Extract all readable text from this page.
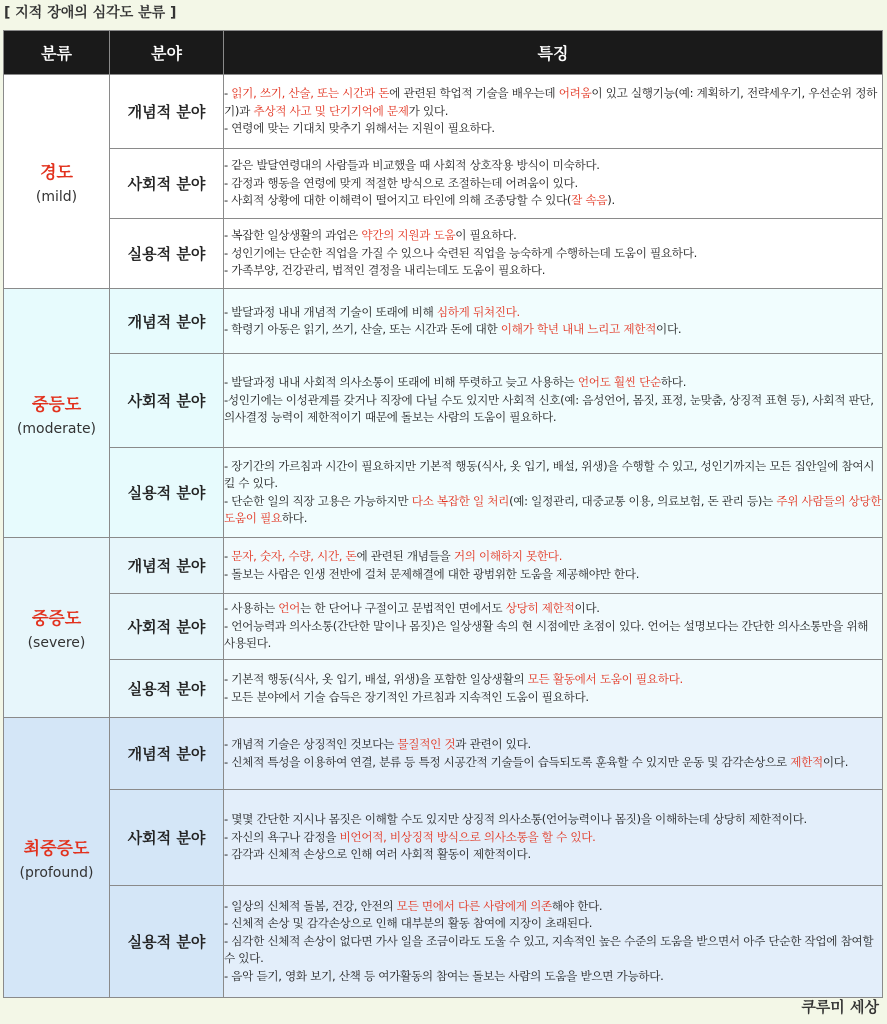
[ 지적 장애의 심각도 분류 ]
분류	분야	특징

경도
(mild)	개념적 분야	- 읽기, 쓰기, 산술, 또는 시간과 돈에 관련된 학업적 기술을 배우는데 어려움이 있고 실행기능(예: 계획하기, 전략세우기, 우선순위 정하기)과 추상적 사고 및 단기기억에 문제가 있다.
- 연령에 맞는 기대치 맞추기 위해서는 지원이 필요하다.

	사회적 분야	- 같은 발달연령대의 사람들과 비교했을 때 사회적 상호작용 방식이 미숙하다.
- 감정과 행동을 연령에 맞게 적절한 방식으로 조절하는데 어려움이 있다.
- 사회적 상황에 대한 이해력이 떨어지고 타인에 의해 조종당할 수 있다(잘 속음).

	실용적 분야	- 복잡한 일상생활의 과업은 약간의 지원과 도움이 필요하다.
- 성인기에는 단순한 직업을 가질 수 있으나 숙련된 직업을 능숙하게 수행하는데 도움이 필요하다.
- 가족부양, 건강관리, 법적인 결정을 내리는데도 도움이 필요하다.

중등도
(moderate)	개념적 분야	- 발달과정 내내 개념적 기술이 또래에 비해 심하게 뒤쳐진다.
- 학령기 아동은 읽기, 쓰기, 산술, 또는 시간과 돈에 대한 이해가 학년 내내 느리고 제한적이다.

	사회적 분야	- 발달과정 내내 사회적 의사소통이 또래에 비해 뚜렷하고 늦고 사용하는 언어도 훨씬 단순하다.
-성인기에는 이성관계를 갖거나 직장에 다닐 수도 있지만 사회적 신호(예: 음성언어, 몸짓, 표정, 눈맞춤, 상징적 표현 등), 사회적 판단, 의사결정 능력이 제한적이기 때문에 돌보는 사람의 도움이 필요하다.

	실용적 분야	- 장기간의 가르침과 시간이 필요하지만 기본적 행동(식사, 옷 입기, 배설, 위생)을 수행할 수 있고, 성인기까지는 모든 집안일에 참여시킬 수 있다.
- 단순한 일의 직장 고용은 가능하지만 다소 복잡한 일 처리(예: 일정관리, 대중교통 이용, 의료보험, 돈 관리 등)는 주위 사람들의 상당한 도움이 필요하다.

중증도
(severe)	개념적 분야	- 문자, 숫자, 수량, 시간, 돈에 관련된 개념들을 거의 이해하지 못한다.
- 돌보는 사람은 인생 전반에 걸쳐 문제해결에 대한 광범위한 도움을 제공해야만 한다.

	사회적 분야	- 사용하는 언어는 한 단어나 구절이고 문법적인 면에서도 상당히 제한적이다.
- 언어능력과 의사소통(간단한 말이나 몸짓)은 일상생활 속의 현 시점에만 초점이 있다. 언어는 설명보다는 간단한 의사소통만을 위해 사용된다.

	실용적 분야	- 기본적 행동(식사, 옷 입기, 배설, 위생)을 포함한 일상생활의 모든 활동에서 도움이 필요하다.
- 모든 분야에서 기술 습득은 장기적인 가르침과 지속적인 도움이 필요하다.

최중증도
(profound)	개념적 분야	- 개념적 기술은 상징적인 것보다는 물질적인 것과 관련이 있다.
- 신체적 특성을 이용하여 연결, 분류 등 특정 시공간적 기술들이 습득되도록 훈육할 수 있지만 운동 및 감각손상으로 제한적이다.

	사회적 분야	- 몇몇 간단한 지시나 몸짓은 이해할 수도 있지만 상징적 의사소통(언어능력이나 몸짓)을 이해하는데 상당히 제한적이다.
- 자신의 욕구나 감정을 비언어적, 비상징적 방식으로 의사소통을 할 수 있다.
- 감각과 신체적 손상으로 인해 여러 사회적 활동이 제한적이다.

	실용적 분야	- 일상의 신체적 돌봄, 건강, 안전의 모든 면에서 다른 사람에게 의존해야 한다.
- 신체적 손상 및 감각손상으로 인해 대부분의 활동 참여에 지장이 초래된다.
- 심각한 신체적 손상이 없다면 가사 일을 조금이라도 도울 수 있고, 지속적인 높은 수준의 도움을 받으면서 아주 단순한 작업에 참여할 수 있다.
- 음악 듣기, 영화 보기, 산책 등 여가활동의 참여는 돌보는 사람의 도움을 받으면 가능하다.
쿠루미 세상
